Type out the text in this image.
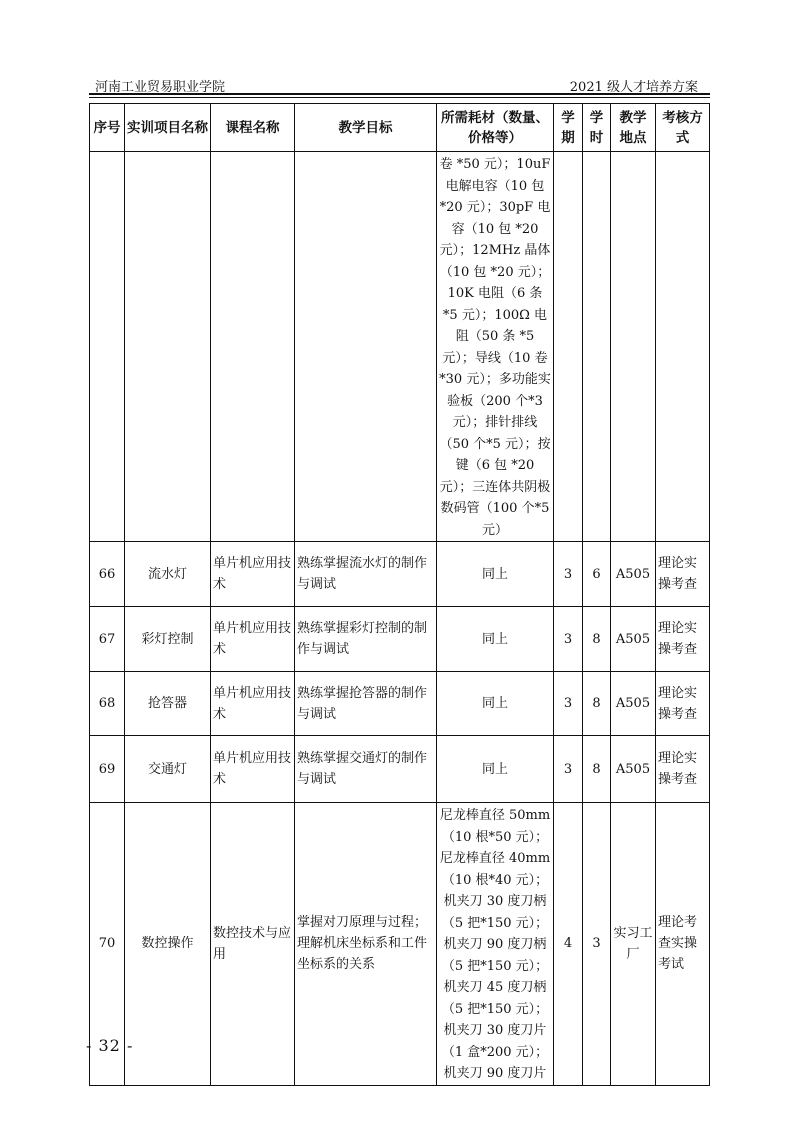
河南工业贸易职业学院	2021 级人才培养方案
序号	实训项目名称	课程名称	教学目标	所需耗材（数量、价格等）	学期	学时	教学地点	考核方式
				卷 *50 元）；10uF 电解电容（10 包 *20 元）；30pF 电容（10 包 *20 元）；12MHz 晶体（10 包 *20 元）；10K 电阻（6 条 *5 元）；100Ω 电阻（50 条 *5 元）；导线（10 卷 *30 元）；多功能实验板（200 个*3 元）；排针排线（50 个*5 元）；按键（6 包 *20 元）；三连体共阴极数码管（100 个*5 元）				
66	流水灯	单片机应用技术	熟练掌握流水灯的制作与调试	同上	3	6	A505	理论实操考查
67	彩灯控制	单片机应用技术	熟练掌握彩灯控制的制作与调试	同上	3	8	A505	理论实操考查
68	抢答器	单片机应用技术	熟练掌握抢答器的制作与调试	同上	3	8	A505	理论实操考查
69	交通灯	单片机应用技术	熟练掌握交通灯的制作与调试	同上	3	8	A505	理论实操考查
70	数控操作	数控技术与应用	掌握对刀原理与过程；理解机床坐标系和工件坐标系的关系	尼龙棒直径 50mm （10 根*50 元）；尼龙棒直径 40mm （10 根*40 元）；机夹刀 30 度刀柄 （5 把*150 元）；机夹刀 90 度刀柄 （5 把*150 元）；机夹刀 45 度刀柄 （5 把*150 元）；机夹刀 30 度刀片 （1 盒*200 元）；机夹刀 90 度刀片	4	3	实习工厂	理论考查实操考试
- 32 -
